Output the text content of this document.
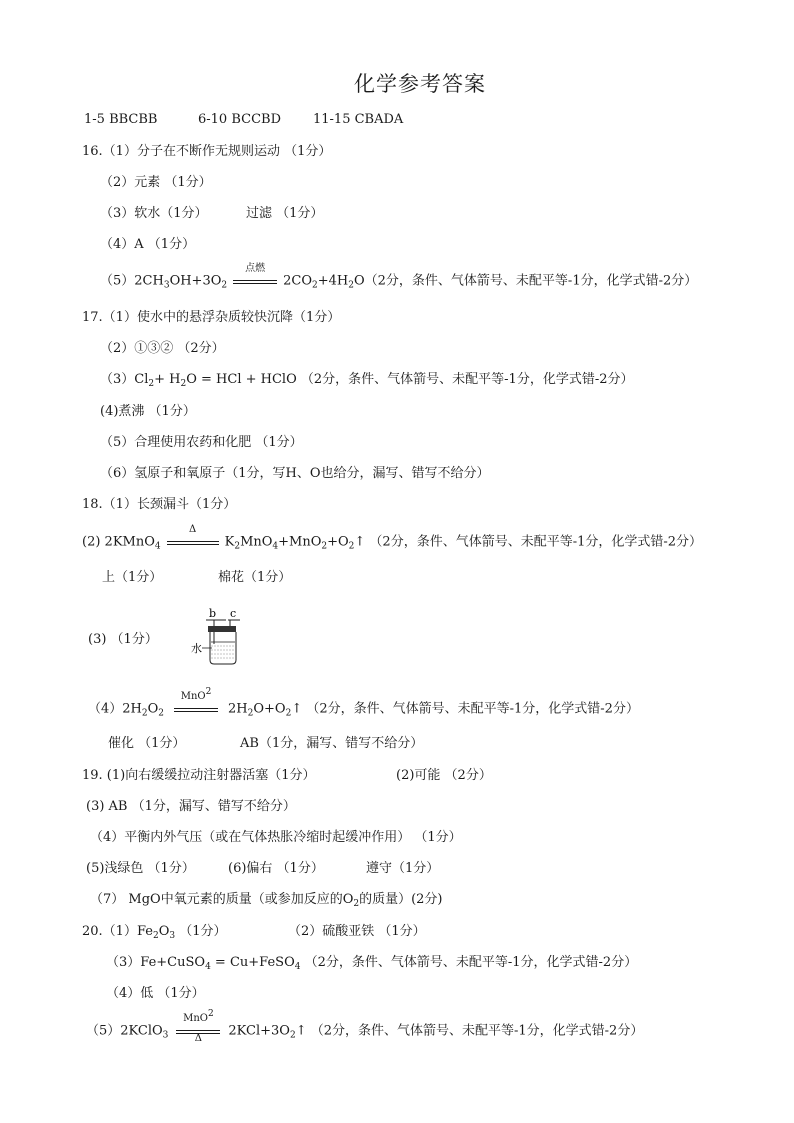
化学参考答案
1-5 BBCBB	6-10 BCCBD 11-15 CBADA
16.（1）分子在不断作无规则运动 （1分）
（2）元素 （1分）
（3）软水（1分）	过滤 （1分）
（4）A （1分）
$(5)2CH_3OH+3O_2$
点燃
$2CO_2+4H_2O(2$分，条件、气体箭号、未配平等-1分，化学式错-2分）
17.（1）使水中的悬浮杂质较快沉降（1分）
（2）①③② （2分）
$(3)Cl_2+ H_2O$ = HCl + HClO （2分，条件、气体箭号、未配平等-1分，化学式错-2分）
(4)煮沸 （1分）
（5）合理使用农药和化肥 （1分）
（6）氢原子和氧原子（1分，写H、O也给分，漏写、错写不给分）
18.（1）长颈漏斗（1分）
(2) 2KMnO$_4$
Δ
$K_2MnO_4+MnO_2+O_2↑$ （2分，条件、气体箭号、未配平等-1分，化学式错-2分）
上（1分）	棉花（1分）
(3) （1分）
b c
水
$(4)2H_2O_2$
MnO$^2$
$2H_2O+O_2↑$ （2分，条件、气体箭号、未配平等-1分，化学式错-2分）
催化 （1分）	AB（1分，漏写、错写不给分）
19. (1)向右缓缓拉动注射器活塞（1分）	(2)可能 （2分）
(3) AB （1分，漏写、错写不给分）
（4）平衡内外气压（或在气体热胀冷缩时起缓冲作用） （1分）
(5)浅绿色 （1分）	(6)偏右 （1分）	遵守（1分）
（7） MgO中氧元素的质量（或参加反应的$O_2$的质量）(2分)
$20.(1)Fe_2O_3$ （1分）	（2）硫酸亚铁 （1分）
（3）Fe+CuSO$_4$ = Cu+FeSO$_4$ （2分，条件、气体箭号、未配平等-1分，化学式错-2分）
（4）低 （1分）
（5）2KClO$_3$
MnO$^2$
Δ	$2KCl+3O_2↑$ （2分，条件、气体箭号、未配平等-1分，化学式错-2分）
